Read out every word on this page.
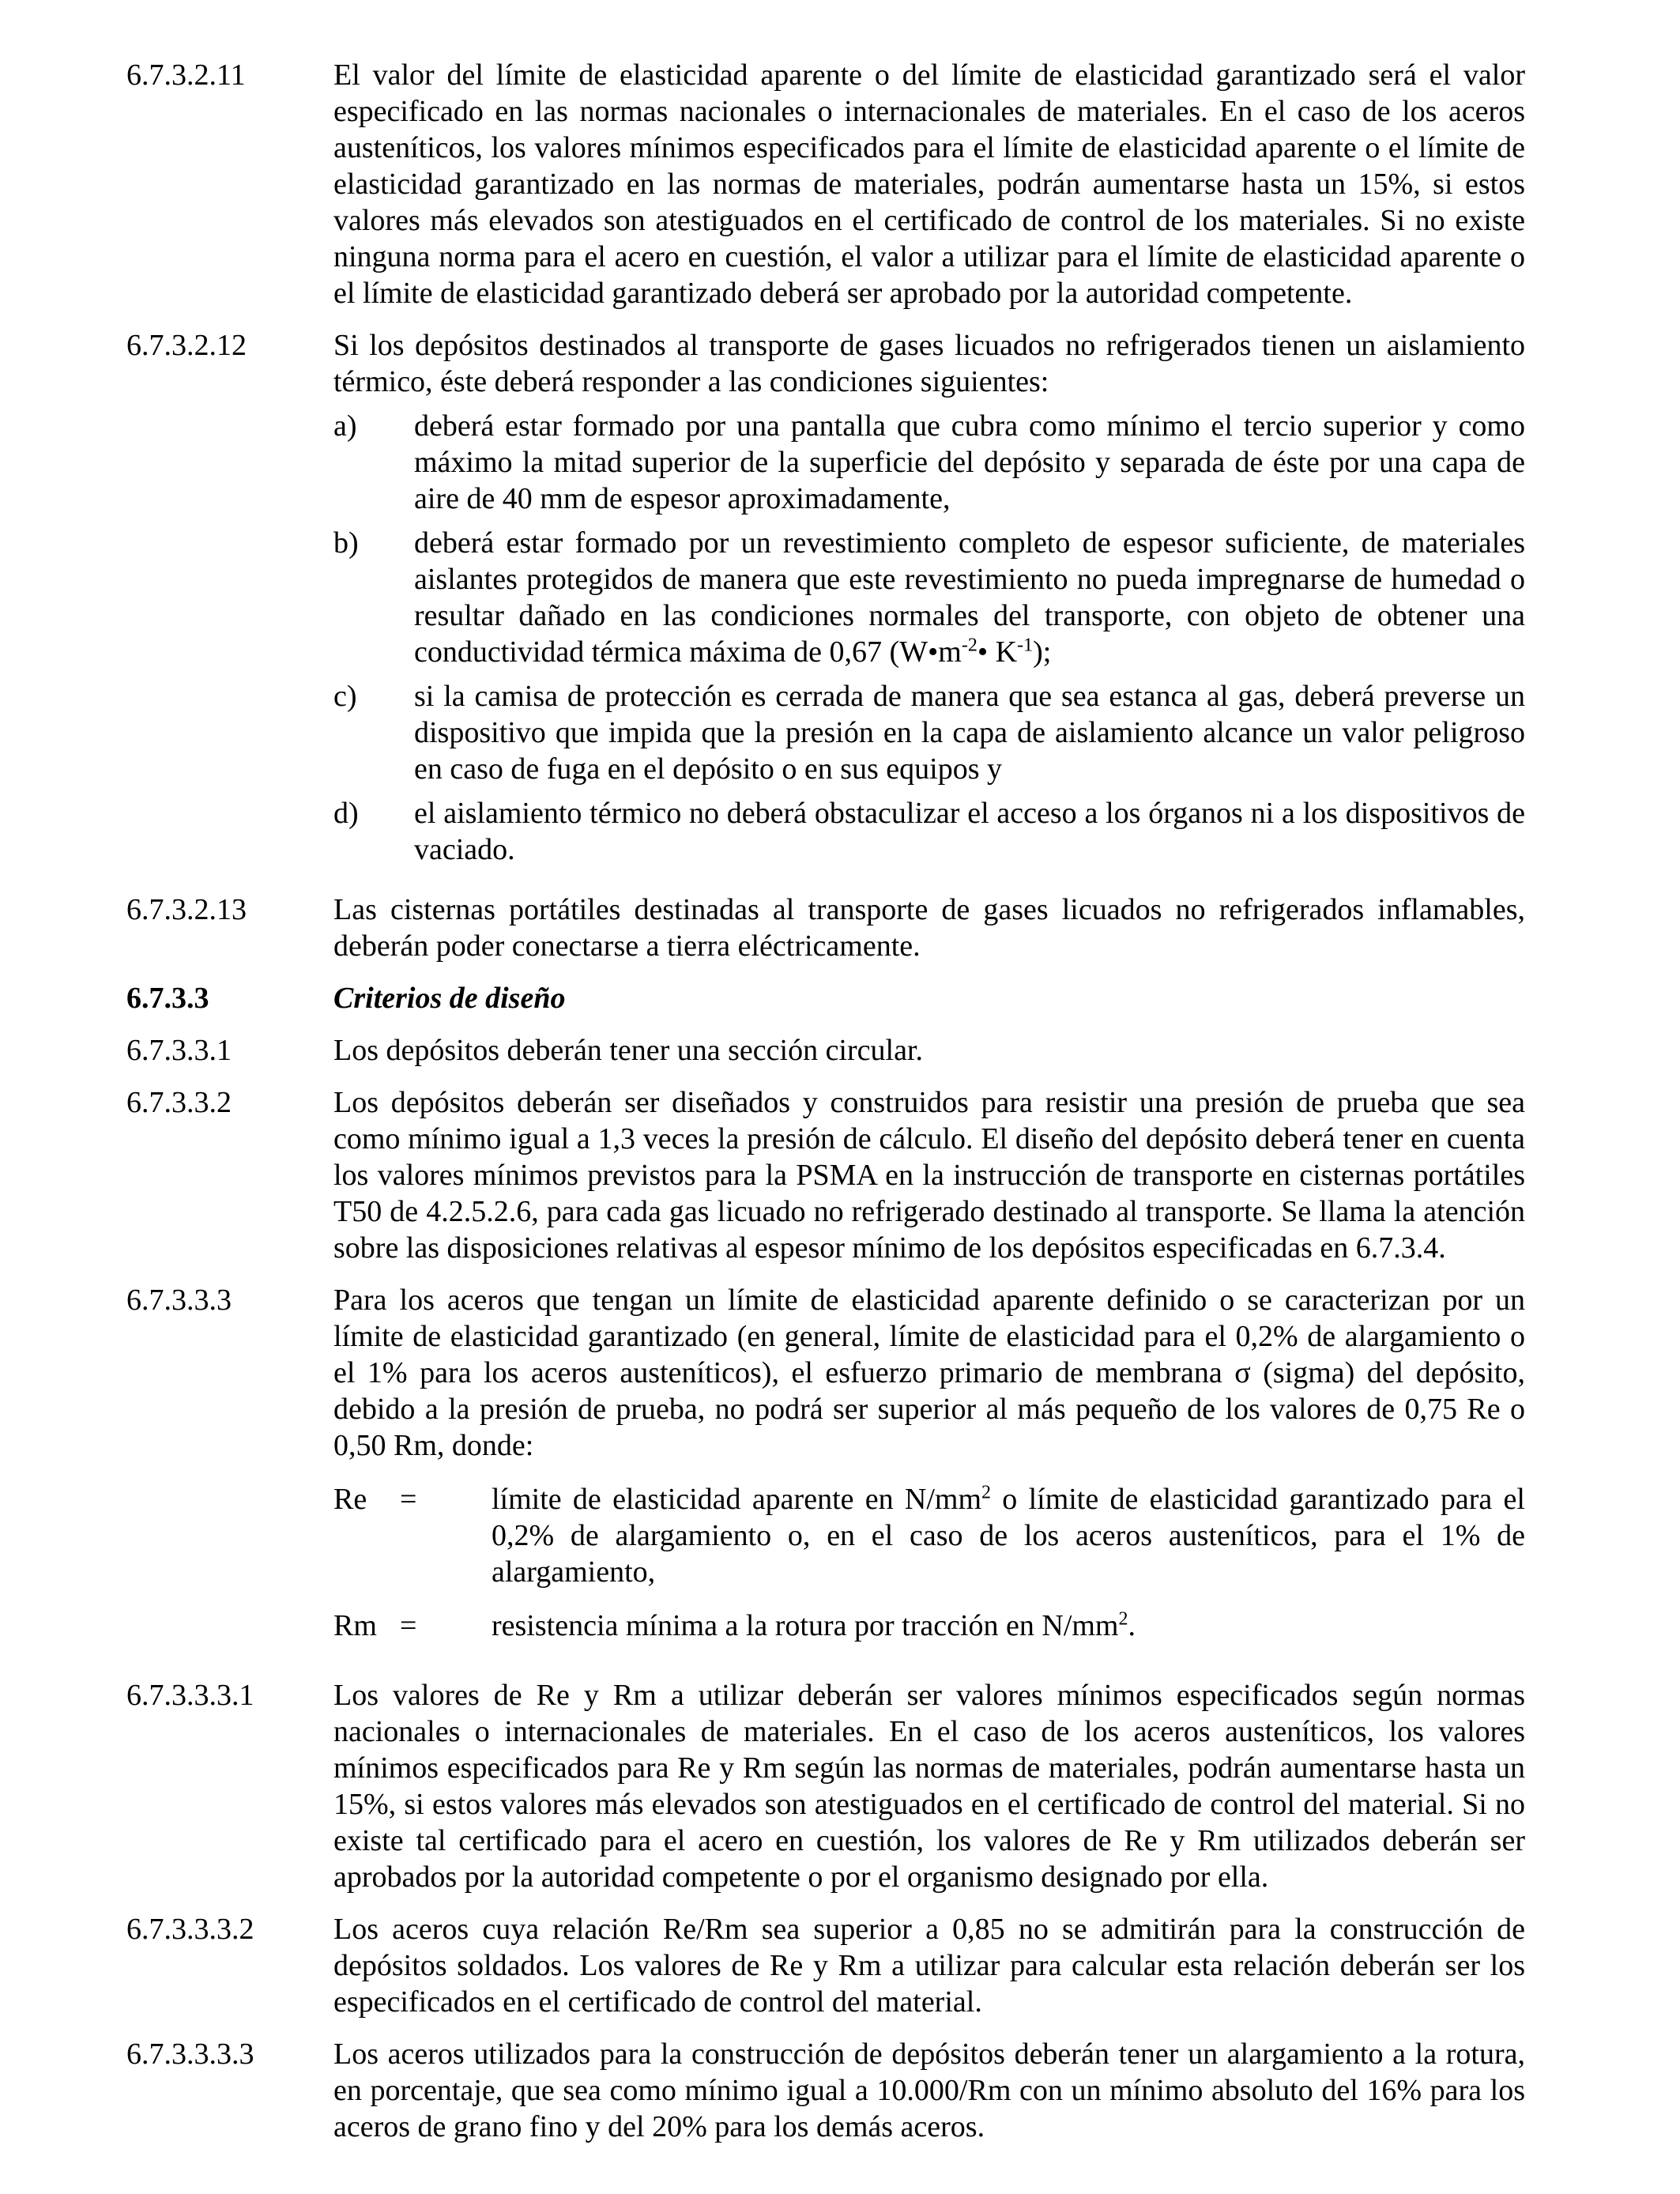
6.7.3.2.11	El valor del límite de elasticidad aparente o del límite de elasticidad garantizado será el valor especificado en las normas nacionales o internacionales de materiales. En el caso de los aceros austeníticos, los valores mínimos especificados para el límite de elasticidad aparente o el límite de elasticidad garantizado en las normas de materiales, podrán aumentarse hasta un 15%, si estos valores más elevados son atestiguados en el certificado de control de los materiales. Si no existe ninguna norma para el acero en cuestión, el valor a utilizar para el límite de elasticidad aparente o el límite de elasticidad garantizado deberá ser aprobado por la autoridad competente.

6.7.3.2.12	Si los depósitos destinados al transporte de gases licuados no refrigerados tienen un aislamiento térmico, éste deberá responder a las condiciones siguientes:

a)	deberá estar formado por una pantalla que cubra como mínimo el tercio superior y como máximo la mitad superior de la superficie del depósito y separada de éste por una capa de aire de 40 mm de espesor aproximadamente,
b)	deberá estar formado por un revestimiento completo de espesor suficiente, de materiales aislantes protegidos de manera que este revestimiento no pueda impregnarse de humedad o resultar dañado en las condiciones normales del transporte, con objeto de obtener una conductividad térmica máxima de 0,67 ($W•m^{-2}•$ $K^{-1}$);
c)	si la camisa de protección es cerrada de manera que sea estanca al gas, deberá preverse un dispositivo que impida que la presión en la capa de aislamiento alcance un valor peligroso en caso de fuga en el depósito o en sus equipos y
d)	el aislamiento térmico no deberá obstaculizar el acceso a los órganos ni a los dispositivos de vaciado.
6.7.3.2.13	Las cisternas portátiles destinadas al transporte de gases licuados no refrigerados inflamables, deberán poder conectarse a tierra eléctricamente.

6.7.3.3	Criterios de diseño

6.7.3.3.1	Los depósitos deberán tener una sección circular.

6.7.3.3.2	Los depósitos deberán ser diseñados y construidos para resistir una presión de prueba que sea como mínimo igual a 1,3 veces la presión de cálculo. El diseño del depósito deberá tener en cuenta los valores mínimos previstos para la PSMA en la instrucción de transporte en cisternas portátiles T50 de 4.2.5.2.6, para cada gas licuado no refrigerado destinado al transporte. Se llama la atención sobre las disposiciones relativas al espesor mínimo de los depósitos especificadas en 6.7.3.4.

6.7.3.3.3	Para los aceros que tengan un límite de elasticidad aparente definido o se caracterizan por un límite de elasticidad garantizado (en general, límite de elasticidad para el 0,2% de alargamiento o el 1% para los aceros austeníticos), el esfuerzo primario de membrana σ (sigma) del depósito, debido a la presión de prueba, no podrá ser superior al más pequeño de los valores de 0,75 Re o 0,50 Rm, donde:

Re	=	límite de elasticidad aparente en $N/mm^2$ o límite de elasticidad garantizado para el 0,2% de alargamiento o, en el caso de los aceros austeníticos, para el 1% de alargamiento,
Rm =	resistencia mínima a la rotura por tracción en $N/mm^2$.
6.7.3.3.3.1	Los valores de Re y Rm a utilizar deberán ser valores mínimos especificados según normas nacionales o internacionales de materiales. En el caso de los aceros austeníticos, los valores mínimos especificados para Re y Rm según las normas de materiales, podrán aumentarse hasta un 15%, si estos valores más elevados son atestiguados en el certificado de control del material. Si no existe tal certificado para el acero en cuestión, los valores de Re y Rm utilizados deberán ser aprobados por la autoridad competente o por el organismo designado por ella.

6.7.3.3.3.2	Los aceros cuya relación Re/Rm sea superior a 0,85 no se admitirán para la construcción de depósitos soldados. Los valores de Re y Rm a utilizar para calcular esta relación deberán ser los especificados en el certificado de control del material.

6.7.3.3.3.3	Los aceros utilizados para la construcción de depósitos deberán tener un alargamiento a la rotura, en porcentaje, que sea como mínimo igual a 10.000/Rm con un mínimo absoluto del 16% para los aceros de grano fino y del 20% para los demás aceros.
